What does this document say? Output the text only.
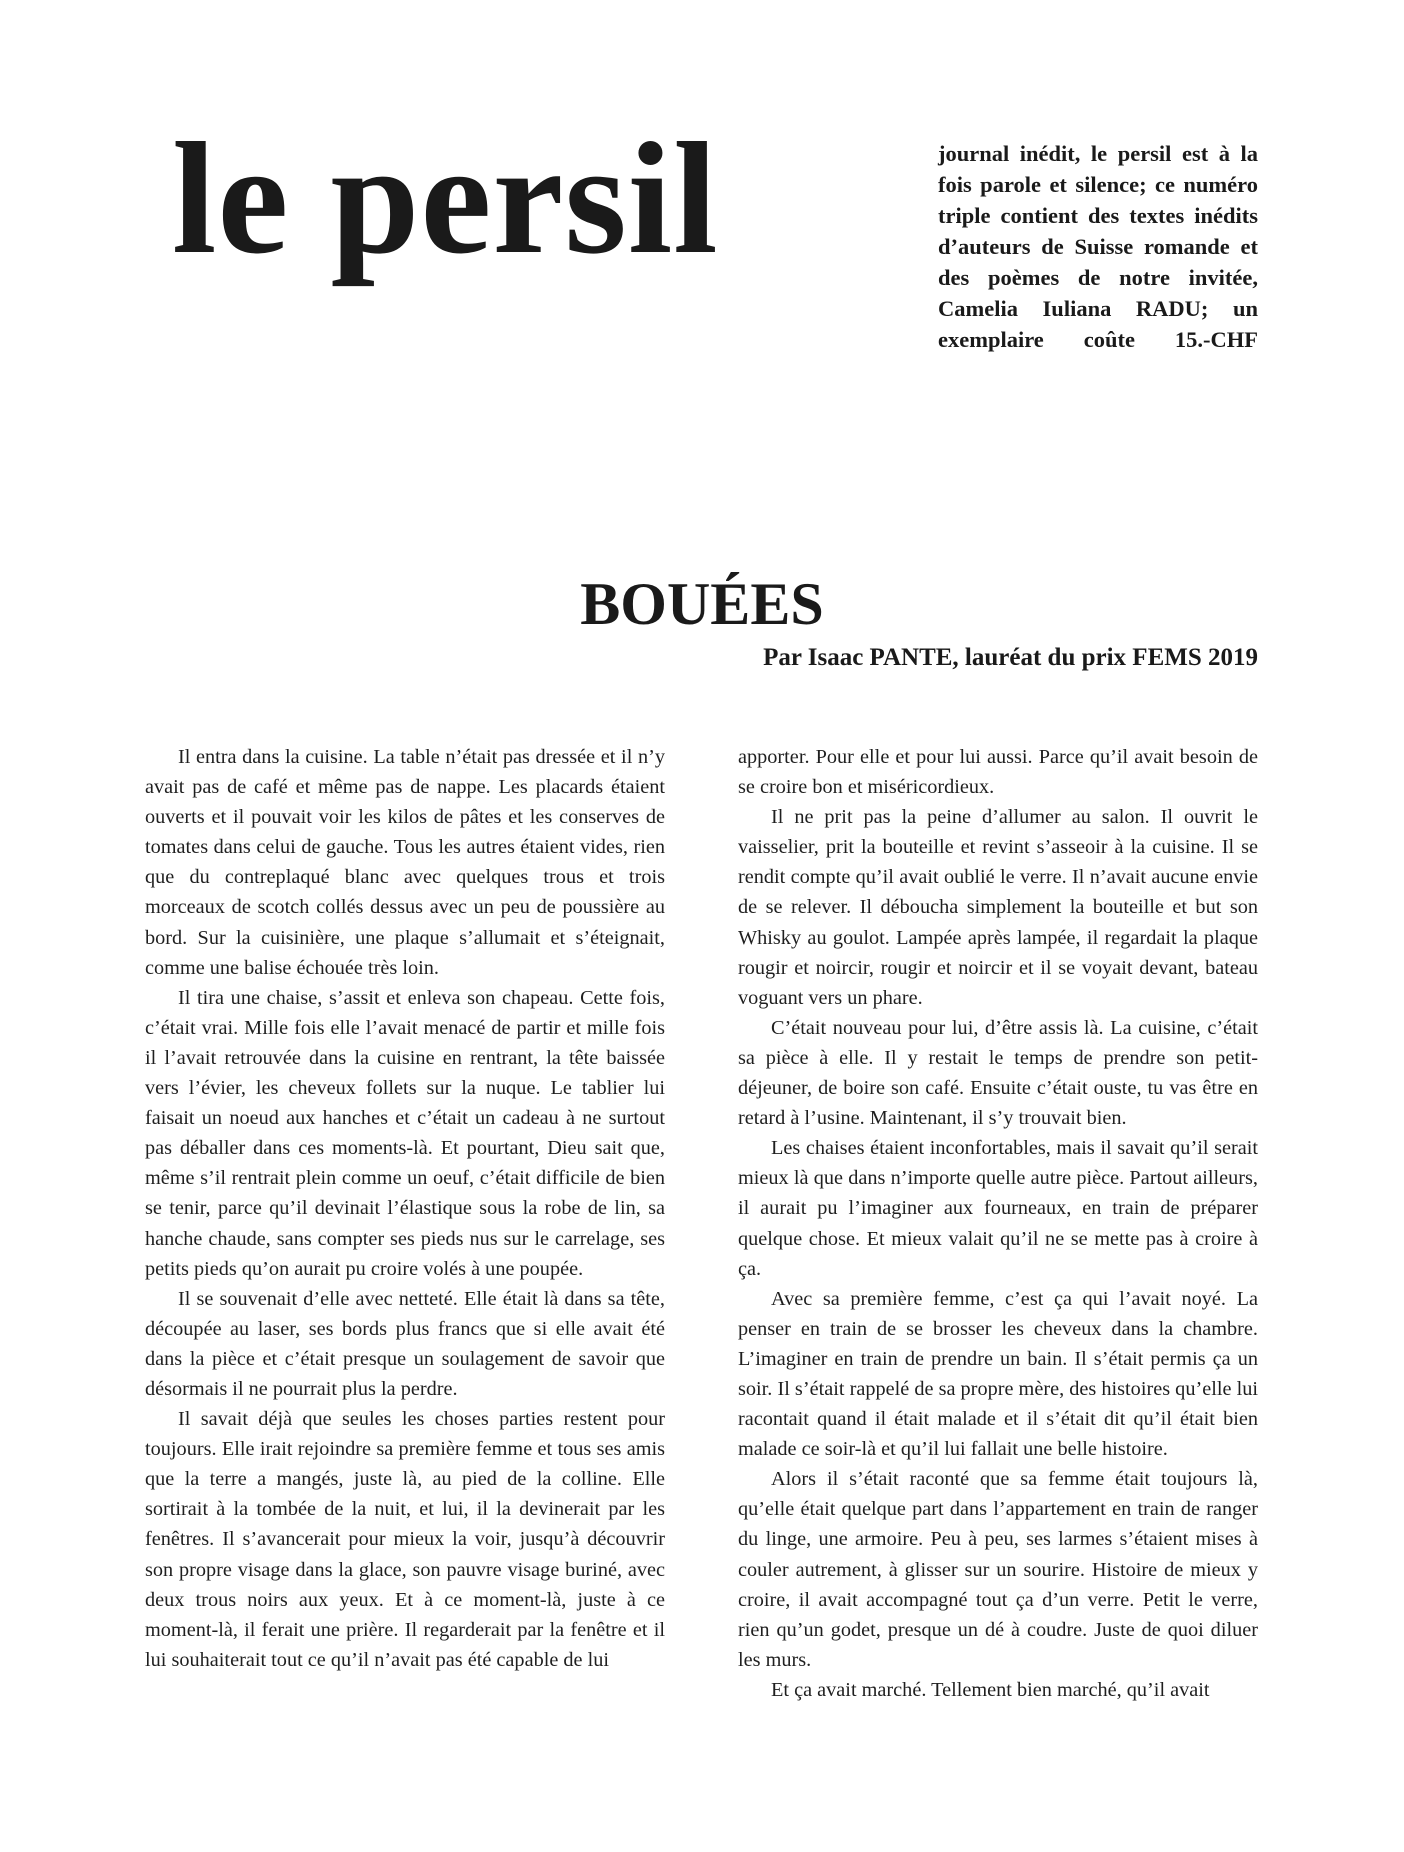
le persil	journal inédit, le persil est à la fois parole et silence; ce numéro triple contient des textes inédits d’auteurs de Suisse romande et des poèmes de notre invitée, Camelia Iuliana RADU; un exemplaire coûte 15.-CHF

BOUÉES

Par Isaac PANTE, lauréat du prix FEMS 2019

Il entra dans la cuisine. La table n’était pas dressée et il n’y avait pas de café et même pas de nappe. Les placards étaient ouverts et il pouvait voir les kilos de pâtes et les conserves de tomates dans celui de gauche. Tous les autres étaient vides, rien que du contreplaqué blanc avec quelques trous et trois morceaux de scotch collés dessus avec un peu de poussière au bord. Sur la cuisinière, une plaque s’allumait et s’éteignait, comme une balise échouée très loin.

Il tira une chaise, s’assit et enleva son chapeau. Cette fois, c’était vrai. Mille fois elle l’avait menacé de partir et mille fois il l’avait retrouvée dans la cuisine en rentrant, la tête baissée vers l’évier, les cheveux follets sur la nuque. Le tablier lui faisait un noeud aux hanches et c’était un cadeau à ne surtout pas déballer dans ces moments-là. Et pourtant, Dieu sait que, même s’il rentrait plein comme un oeuf, c’était difficile de bien se tenir, parce qu’il devinait l’élastique sous la robe de lin, sa hanche chaude, sans compter ses pieds nus sur le carrelage, ses petits pieds qu’on aurait pu croire volés à une poupée.

Il se souvenait d’elle avec netteté. Elle était là dans sa tête, découpée au laser, ses bords plus francs que si elle avait été dans la pièce et c’était presque un soulagement de savoir que désormais il ne pourrait plus la perdre.

Il savait déjà que seules les choses parties restent pour toujours. Elle irait rejoindre sa première femme et tous ses amis que la terre a mangés, juste là, au pied de la colline. Elle sortirait à la tombée de la nuit, et lui, il la devinerait par les fenêtres. Il s’avancerait pour mieux la voir, jusqu’à découvrir son propre visage dans la glace, son pauvre visage buriné, avec deux trous noirs aux yeux. Et à ce moment-là, juste à ce moment-là, il ferait une prière. Il regarderait par la fenêtre et il lui souhaiterait tout ce qu’il n’avait pas été capable de lui

apporter. Pour elle et pour lui aussi. Parce qu’il avait besoin de se croire bon et miséricordieux.

Il ne prit pas la peine d’allumer au salon. Il ouvrit le vaisselier, prit la bouteille et revint s’asseoir à la cuisine. Il se rendit compte qu’il avait oublié le verre. Il n’avait aucune envie de se relever. Il déboucha simplement la bouteille et but son Whisky au goulot. Lampée après lampée, il regardait la plaque rougir et noircir, rougir et noircir et il se voyait devant, bateau voguant vers un phare.

C’était nouveau pour lui, d’être assis là. La cuisine, c’était sa pièce à elle. Il y restait le temps de prendre son petit-déjeuner, de boire son café. Ensuite c’était ouste, tu vas être en retard à l’usine. Maintenant, il s’y trouvait bien.

Les chaises étaient inconfortables, mais il savait qu’il serait mieux là que dans n’importe quelle autre pièce. Partout ailleurs, il aurait pu l’imaginer aux fourneaux, en train de préparer quelque chose. Et mieux valait qu’il ne se mette pas à croire à ça.

Avec sa première femme, c’est ça qui l’avait noyé. La penser en train de se brosser les cheveux dans la chambre. L’imaginer en train de prendre un bain. Il s’était permis ça un soir. Il s’était rappelé de sa propre mère, des histoires qu’elle lui racontait quand il était malade et il s’était dit qu’il était bien malade ce soir-là et qu’il lui fallait une belle histoire.

Alors il s’était raconté que sa femme était toujours là, qu’elle était quelque part dans l’appartement en train de ranger du linge, une armoire. Peu à peu, ses larmes s’étaient mises à couler autrement, à glisser sur un sourire. Histoire de mieux y croire, il avait accompagné tout ça d’un verre. Petit le verre, rien qu’un godet, presque un dé à coudre. Juste de quoi diluer les murs.

Et ça avait marché. Tellement bien marché, qu’il avait
